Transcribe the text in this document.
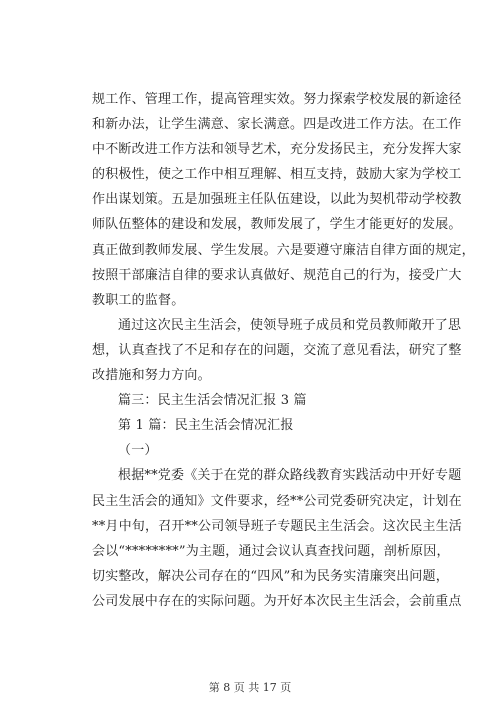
规工作、管理工作，提高管理实效。努力探索学校发展的新途径
和新办法，让学生满意、家长满意。四是改进工作方法。在工作
中不断改进工作方法和领导艺术，充分发扬民主，充分发挥大家
的积极性，使之工作中相互理解、相互支持，鼓励大家为学校工
作出谋划策。五是加强班主任队伍建设，以此为契机带动学校教
师队伍整体的建设和发展，教师发展了，学生才能更好的发展。
真正做到教师发展、学生发展。六是要遵守廉洁自律方面的规定，
按照干部廉洁自律的要求认真做好、规范自己的行为，接受广大
教职工的监督。
通过这次民主生活会，使领导班子成员和党员教师敞开了思
想，认真查找了不足和存在的问题，交流了意见看法，研究了整
改措施和努力方向。
篇三：民主生活会情况汇报 3 篇
第 1 篇：民主生活会情况汇报
（一）
根据**党委《关于在党的群众路线教育实践活动中开好专题
民主生活会的通知》文件要求，经**公司党委研究决定，计划在
**月中旬，召开**公司领导班子专题民主生活会。这次民主生活
会以“********”为主题，通过会议认真查找问题，剖析原因，
切实整改，解决公司存在的“四风”和为民务实清廉突出问题，
公司发展中存在的实际问题。为开好本次民主生活会，会前重点
第 8 页 共 17 页
